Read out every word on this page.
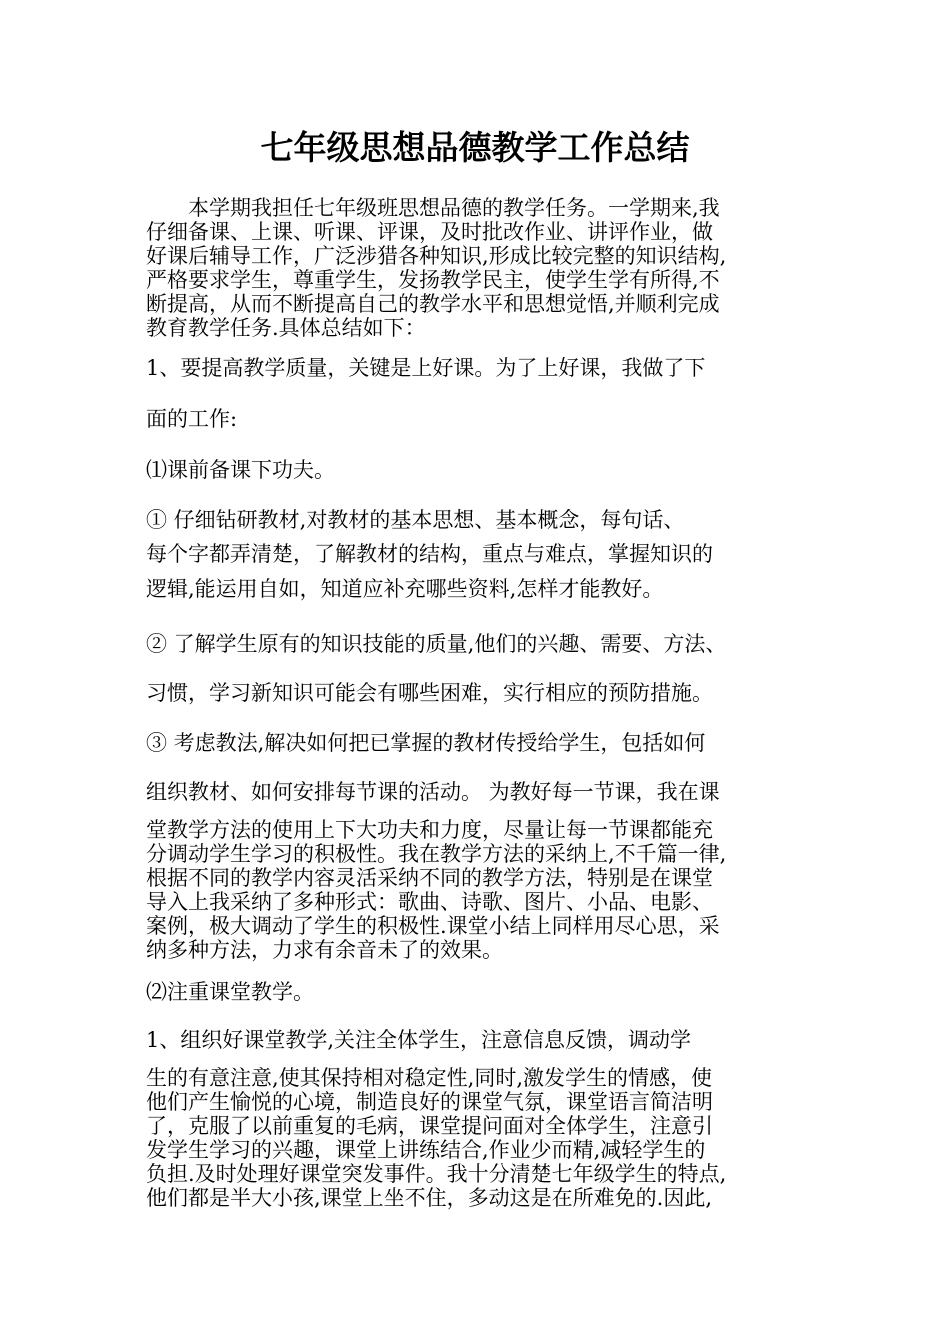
七年级思想品德教学工作总结
　　本学期我担任七年级班思想品德的教学任务。一学期来,我
仔细备课、上课、听课、评课，及时批改作业、讲评作业，做
好课后辅导工作，广泛涉猎各种知识,形成比较完整的知识结构,
严格要求学生，尊重学生，发扬教学民主，使学生学有所得,不
断提高，从而不断提高自己的教学水平和思想觉悟,并顺利完成
教育教学任务.具体总结如下：
1、要提高教学质量，关键是上好课。为了上好课，我做了下
面的工作:
⑴课前备课下功夫。
① 仔细钻研教材,对教材的基本思想、基本概念，每句话、
每个字都弄清楚，了解教材的结构，重点与难点，掌握知识的
逻辑,能运用自如，知道应补充哪些资料,怎样才能教好。
② 了解学生原有的知识技能的质量,他们的兴趣、需要、方法、
习惯，学习新知识可能会有哪些困难，实行相应的预防措施。
③ 考虑教法,解决如何把已掌握的教材传授给学生，包括如何
组织教材、如何安排每节课的活动。 为教好每一节课，我在课
堂教学方法的使用上下大功夫和力度，尽量让每一节课都能充
分调动学生学习的积极性。我在教学方法的采纳上,不千篇一律,
根据不同的教学内容灵活采纳不同的教学方法，特别是在课堂
导入上我采纳了多种形式：歌曲、诗歌、图片、小品、电影、
案例，极大调动了学生的积极性.课堂小结上同样用尽心思，采
纳多种方法，力求有余音未了的效果。
⑵注重课堂教学。
1、组织好课堂教学,关注全体学生，注意信息反馈，调动学
生的有意注意,使其保持相对稳定性,同时,激发学生的情感，使
他们产生愉悦的心境，制造良好的课堂气氛，课堂语言简洁明
了，克服了以前重复的毛病，课堂提问面对全体学生，注意引
发学生学习的兴趣，课堂上讲练结合,作业少而精,减轻学生的
负担.及时处理好课堂突发事件。我十分清楚七年级学生的特点,
他们都是半大小孩,课堂上坐不住，多动这是在所难免的.因此,
